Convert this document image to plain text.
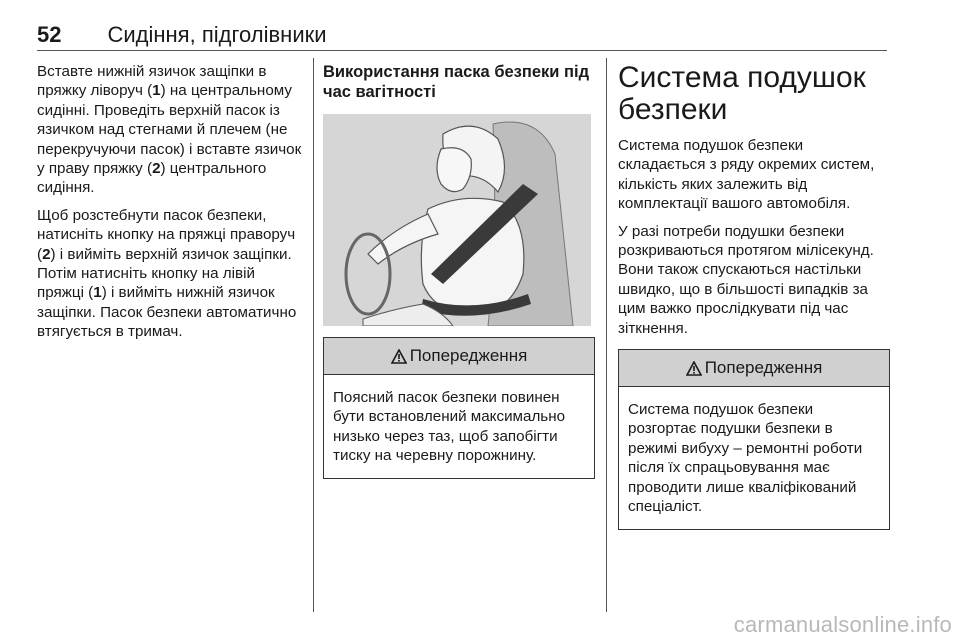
52 Сидіння, підголівники

Вставте нижній язичок защіпки в пряжку ліворуч (1) на центральному сидінні. Проведіть верхній пасок із язичком над стегнами й плечем (не перекручуючи пасок) і вставте язичок у праву пряжку (2) центрального сидіння.

Щоб розстебнути пасок безпеки, натисніть кнопку на пряжці праворуч (2) і вийміть верхній язичок защіпки. Потім натисніть кнопку на лівій пряжці (1) і вийміть нижній язичок защіпки. Пасок безпеки автоматично втягується в тримач.

Використання паска безпеки під час вагітності

Попередження
Поясний пасок безпеки повинен бути встановлений максимально низько через таз, щоб запобігти тиску на черевну порожнину.
Система подушок безпеки

Система подушок безпеки складається з ряду окремих систем, кількість яких залежить від комплектації вашого автомобіля.

У разі потреби подушки безпеки розкриваються протягом мілісекунд. Вони також спускаються настільки швидко, що в більшості випадків за цим важко прослідкувати під час зіткнення.

Попередження
Система подушок безпеки розгортає подушки безпеки в режимі вибуху – ремонтні роботи після їх спрацьовування має проводити лише кваліфікований спеціаліст.
carmanualsonline.info
